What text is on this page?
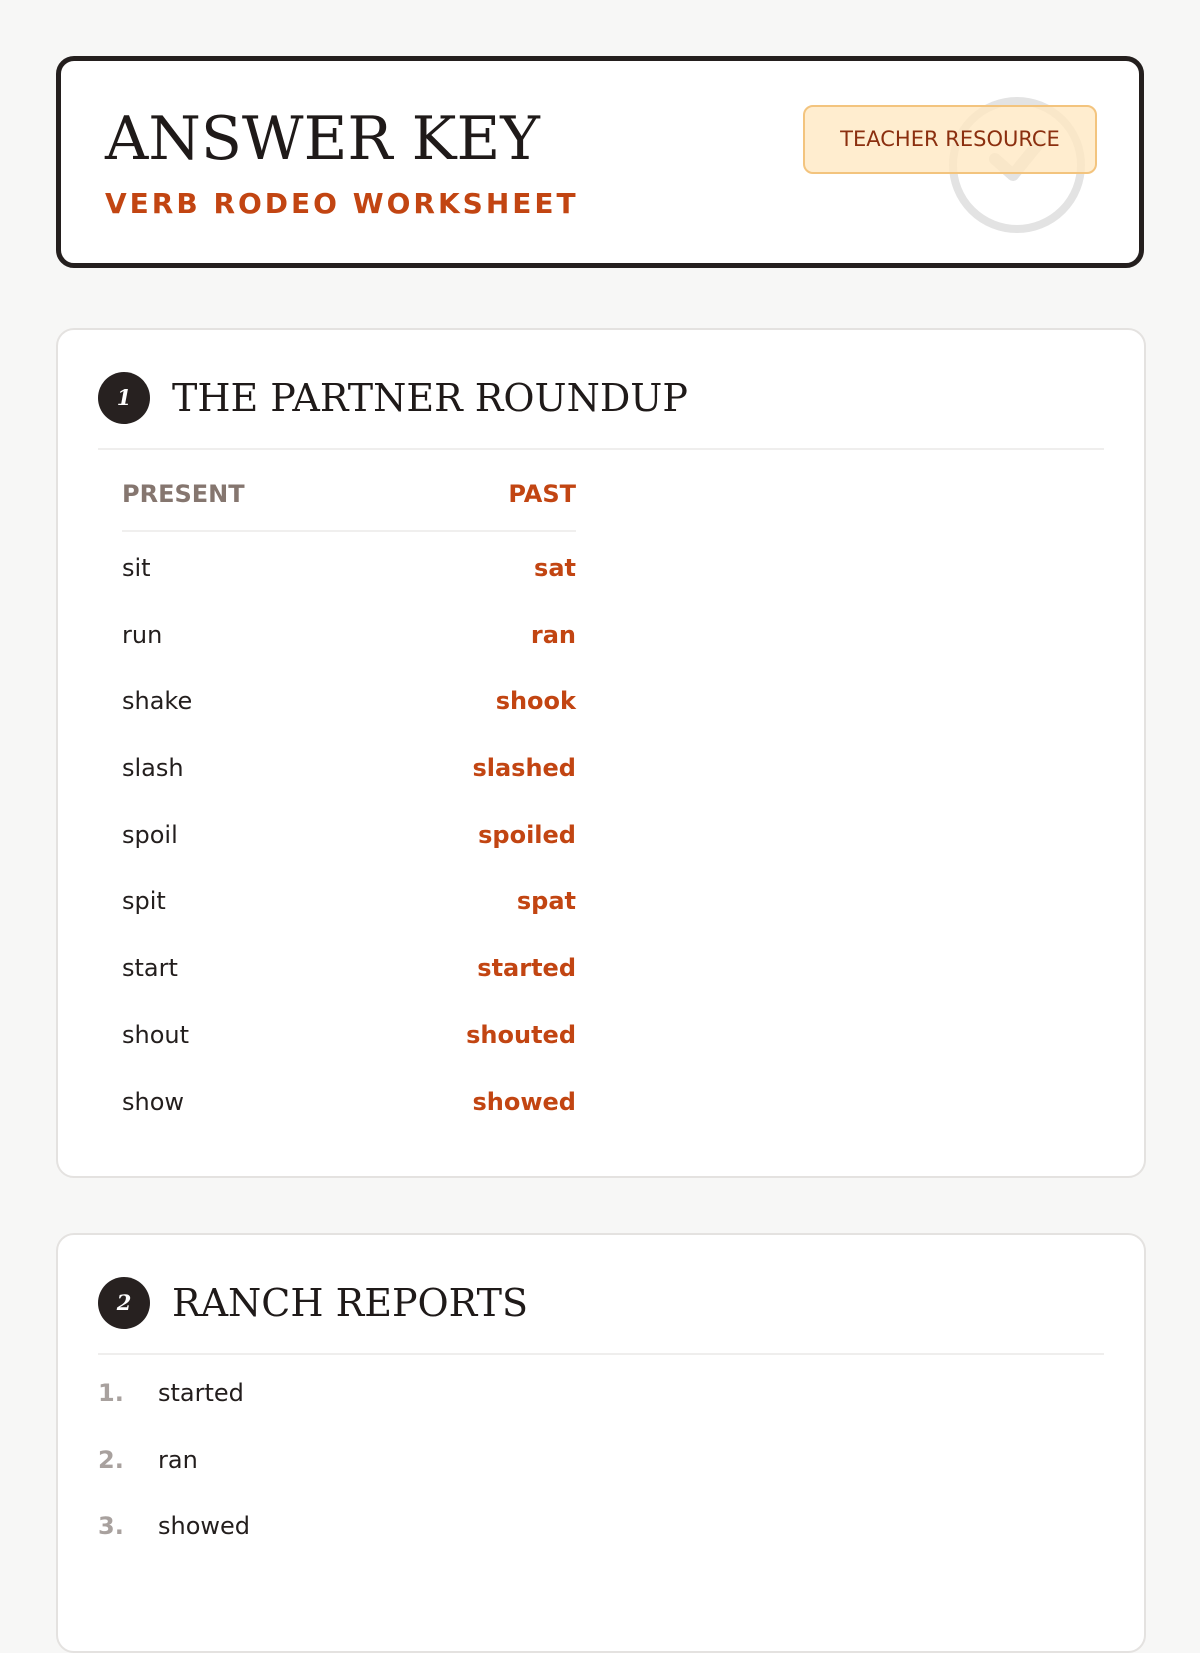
ANSWER KEY
VERB RODEO WORKSHEET
TEACHER RESOURCE
1	THE PARTNER ROUNDUP
PRESENT	PAST
sit	sat
run	ran
shake	shook
slash	slashed
spoil	spoiled
spit	spat
start	started
shout	shouted
show	showed
2	RANCH REPORTS
1. started
2. ran
3. showed
